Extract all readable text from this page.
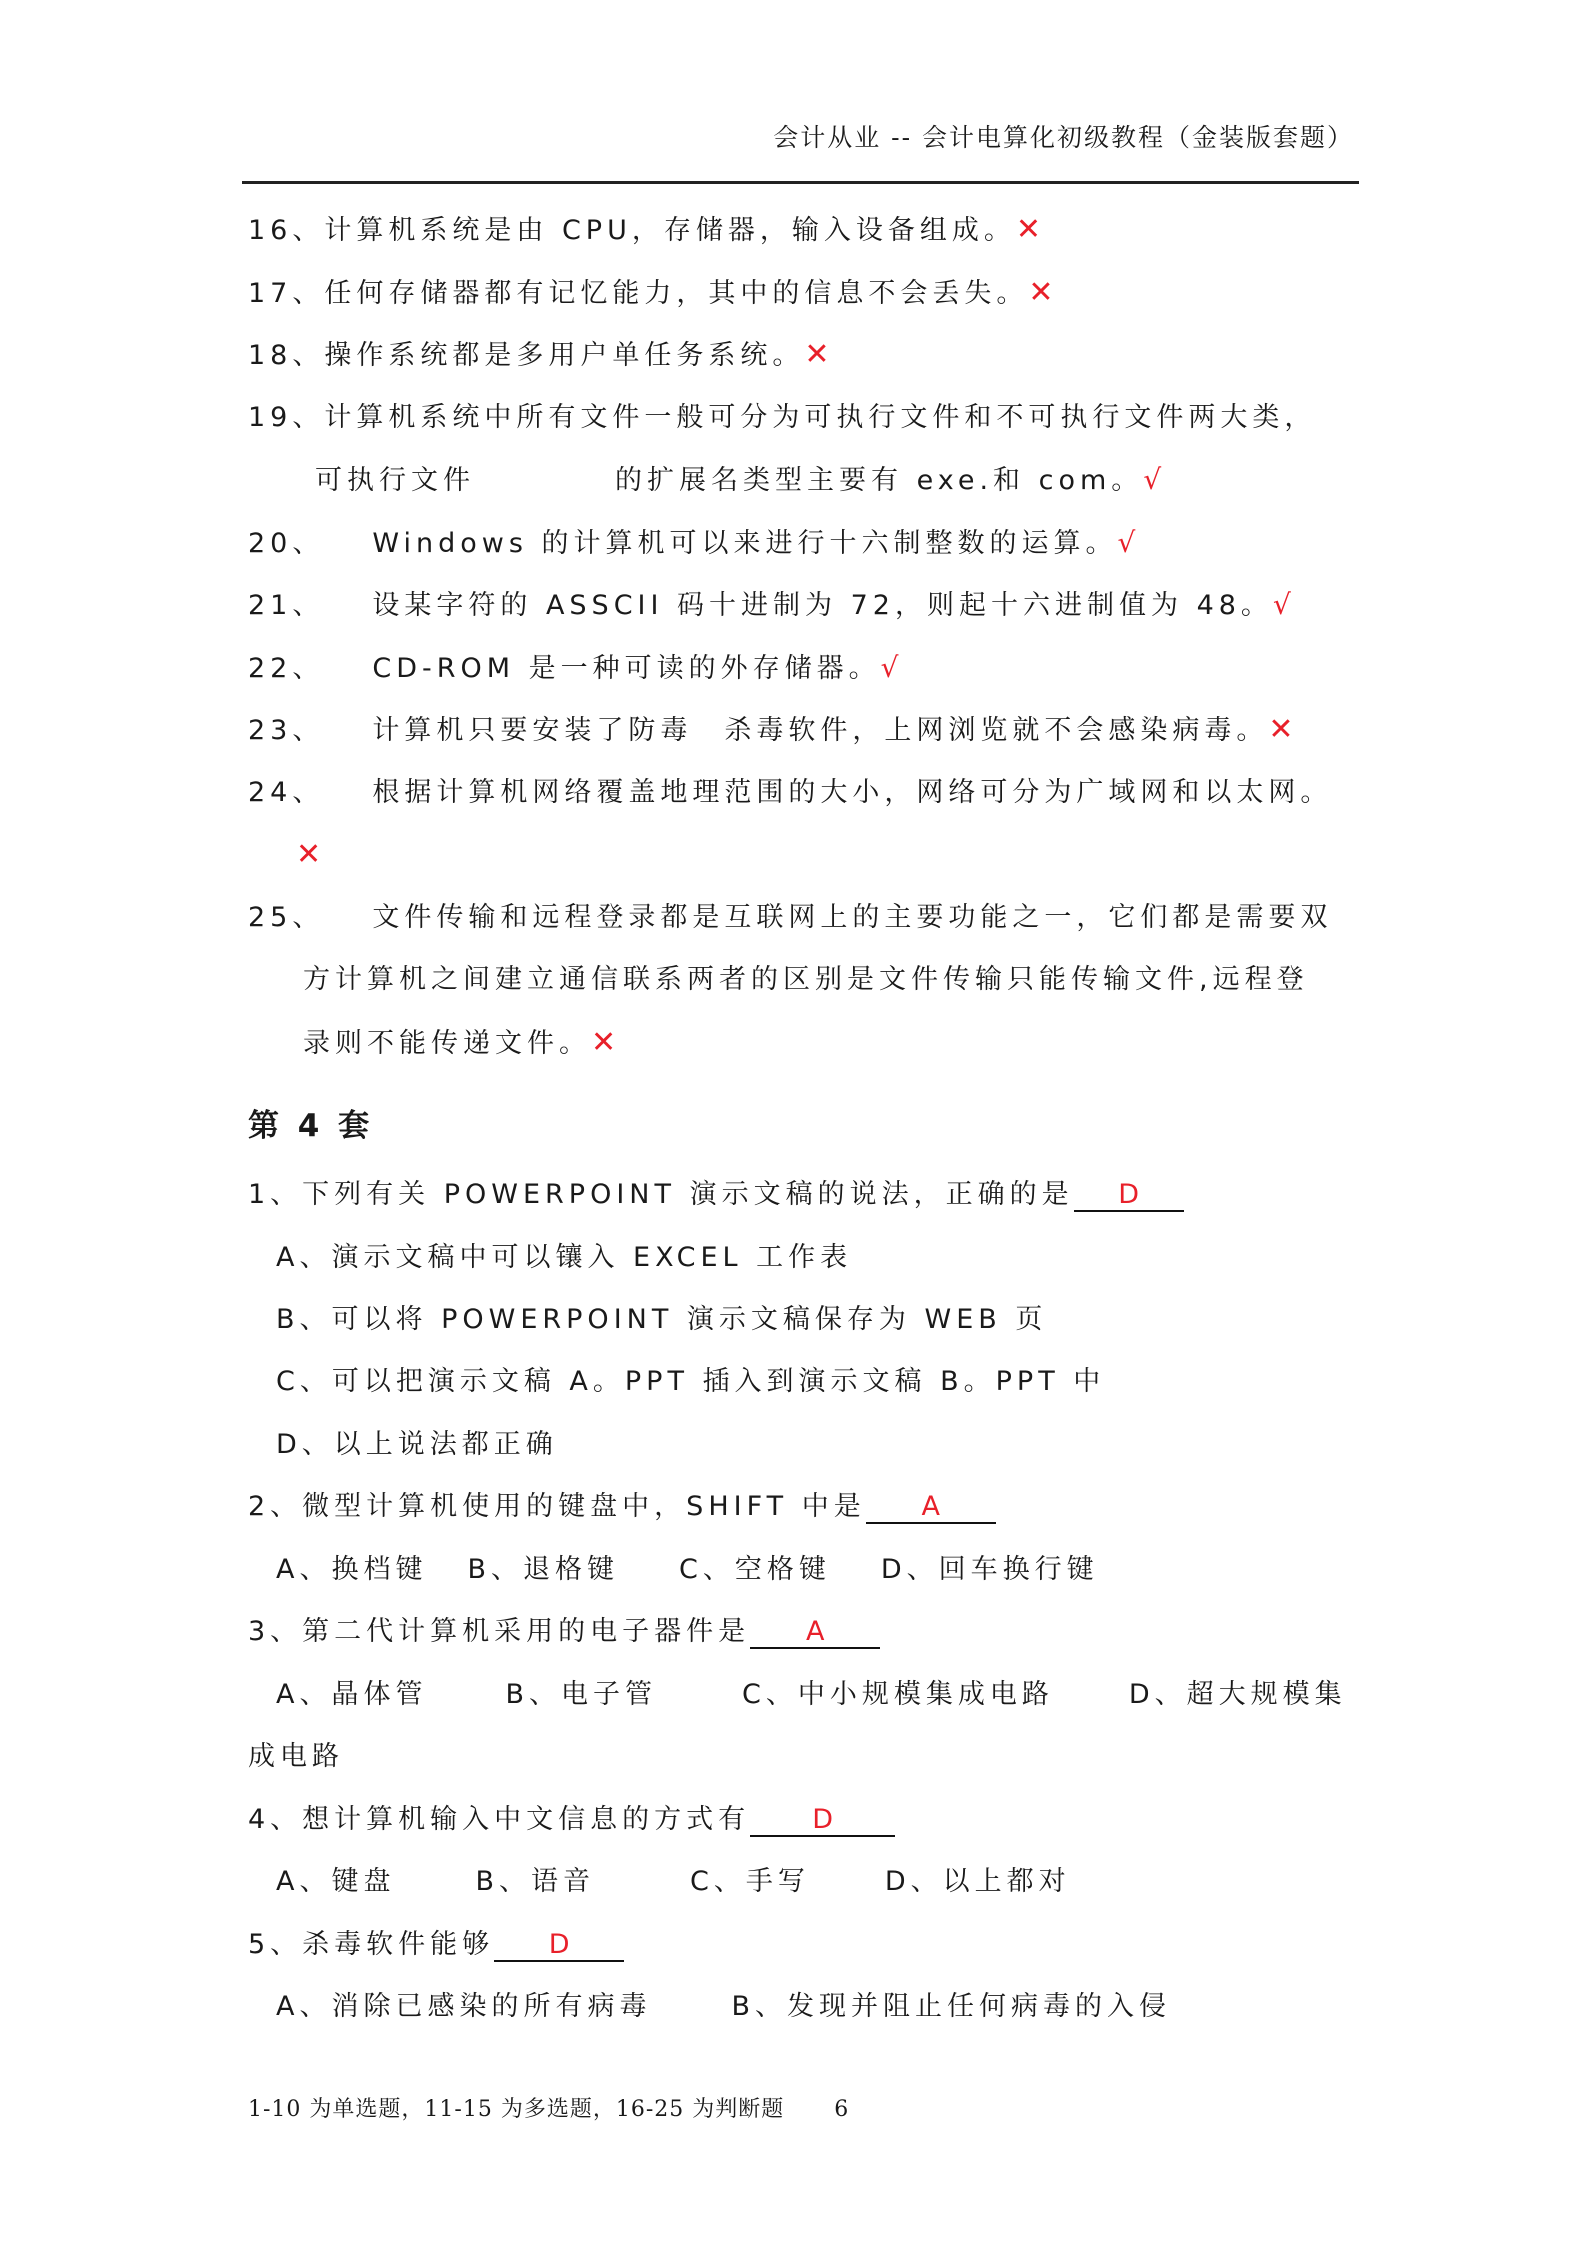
会计从业 -- 会计电算化初级教程（金装版套题）
16、计算机系统是由 CPU，存储器，输入设备组成。✕
17、任何存储器都有记忆能力，其中的信息不会丢失。✕
18、操作系统都是多用户单任务系统。✕
19、计算机系统中所有文件一般可分为可执行文件和不可执行文件两大类，
可执行文件	的扩展名类型主要有 exe.和 com。√
20、 Windows 的计算机可以来进行十六制整数的运算。√
21、 设某字符的 ASSCII 码十进制为 72，则起十六进制值为 48。√
22、 CD-ROM 是一种可读的外存储器。√
23、 计算机只要安装了防毒　杀毒软件，上网浏览就不会感染病毒。✕
24、 根据计算机网络覆盖地理范围的大小，网络可分为广域网和以太网。
✕
25、 文件传输和远程登录都是互联网上的主要功能之一，它们都是需要双
方计算机之间建立通信联系两者的区别是文件传输只能传输文件,远程登
录则不能传递文件。✕
第 4 套
1、下列有关 POWERPOINT 演示文稿的说法，正确的是 D
A、演示文稿中可以镶入 EXCEL 工作表
B、可以将 POWERPOINT 演示文稿保存为 WEB 页
C、可以把演示文稿 A。PPT 插入到演示文稿 B。PPT 中
D、以上说法都正确
2、微型计算机使用的键盘中，SHIFT 中是 A
A、换档键 B、退格键 C、空格键 D、回车换行键
3、第二代计算机采用的电子器件是 A
A、晶体管	B、电子管	C、中小规模集成电路	D、超大规模集
成电路
4、想计算机输入中文信息的方式有 D
A、键盘	B、语音	C、手写	D、以上都对
5、杀毒软件能够 D
A、消除已感染的所有病毒	B、发现并阻止任何病毒的入侵
1-10 为单选题，11-15 为多选题，16-25 为判断题 6
